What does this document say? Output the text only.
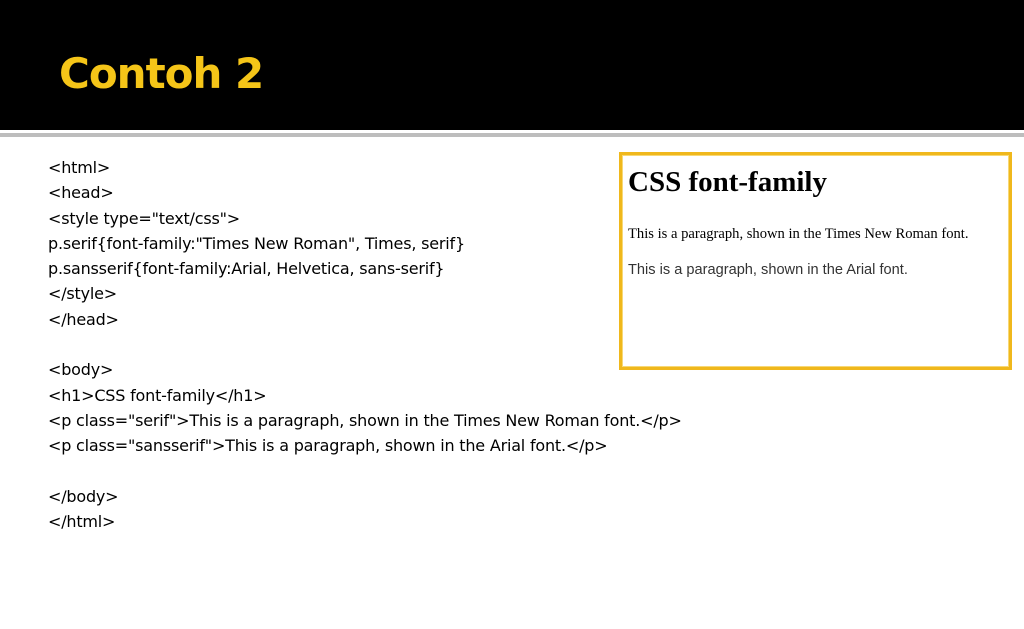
Contoh 2
<html>
<head>
<style type="text/css">
p.serif{font-family:"Times New Roman", Times, serif}
p.sansserif{font-family:Arial, Helvetica, sans-serif}
</style>
</head>
<body>
<h1>CSS font-family</h1>
<p class="serif">This is a paragraph, shown in the Times New Roman font.</p>
<p class="sansserif">This is a paragraph, shown in the Arial font.</p>
</body>
</html>
CSS font-family
This is a paragraph, shown in the Times New Roman font.
This is a paragraph, shown in the Arial font.
